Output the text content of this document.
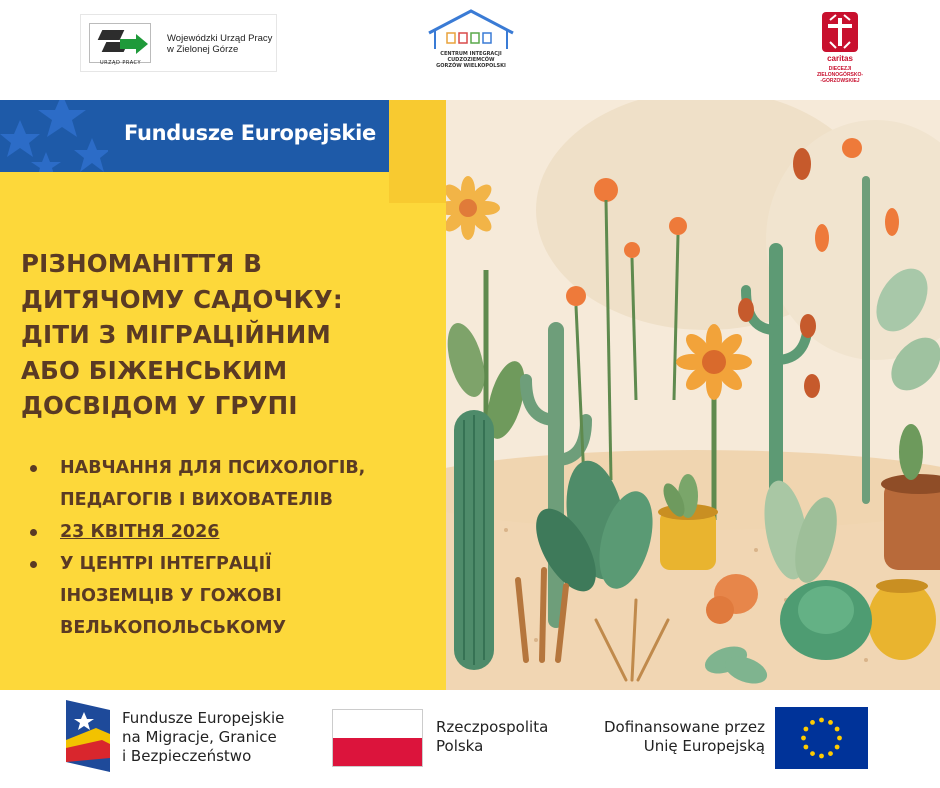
URZĄD PRACY
Wojewódzki Urząd Pracy
w Zielonej Górze	CENTRUM INTEGRACJI CUDZOZIEMCÓW
GORZÓW WIELKOPOLSKI
caritas
DIECEZJI
ZIELONOGÓRSKO-
-GORZOWSKIEJ
Fundusze Europejskie
РІЗНОМАНІТТЯ В
ДИТЯЧОМУ САДОЧКУ:
ДІТИ З МІГРАЦІЙНИМ
АБО БІЖЕНСЬКИМ
ДОСВІДОМ У ГРУПІ
НАВЧАННЯ ДЛЯ ПСИХОЛОГІВ,
ПЕДАГОГІВ І ВИХОВАТЕЛІВ
23 КВІТНЯ 2026
У ЦЕНТРІ ІНТЕГРАЦІЇ
ІНОЗЕМЦІВ У ГОЖОВІ
ВЕЛЬКОПОЛЬСЬКОМУ
Fundusze Europejskie
na Migracje, Granice
i Bezpieczeństwo
Rzeczpospolita
Polska
Dofinansowane przez
Unię Europejską
